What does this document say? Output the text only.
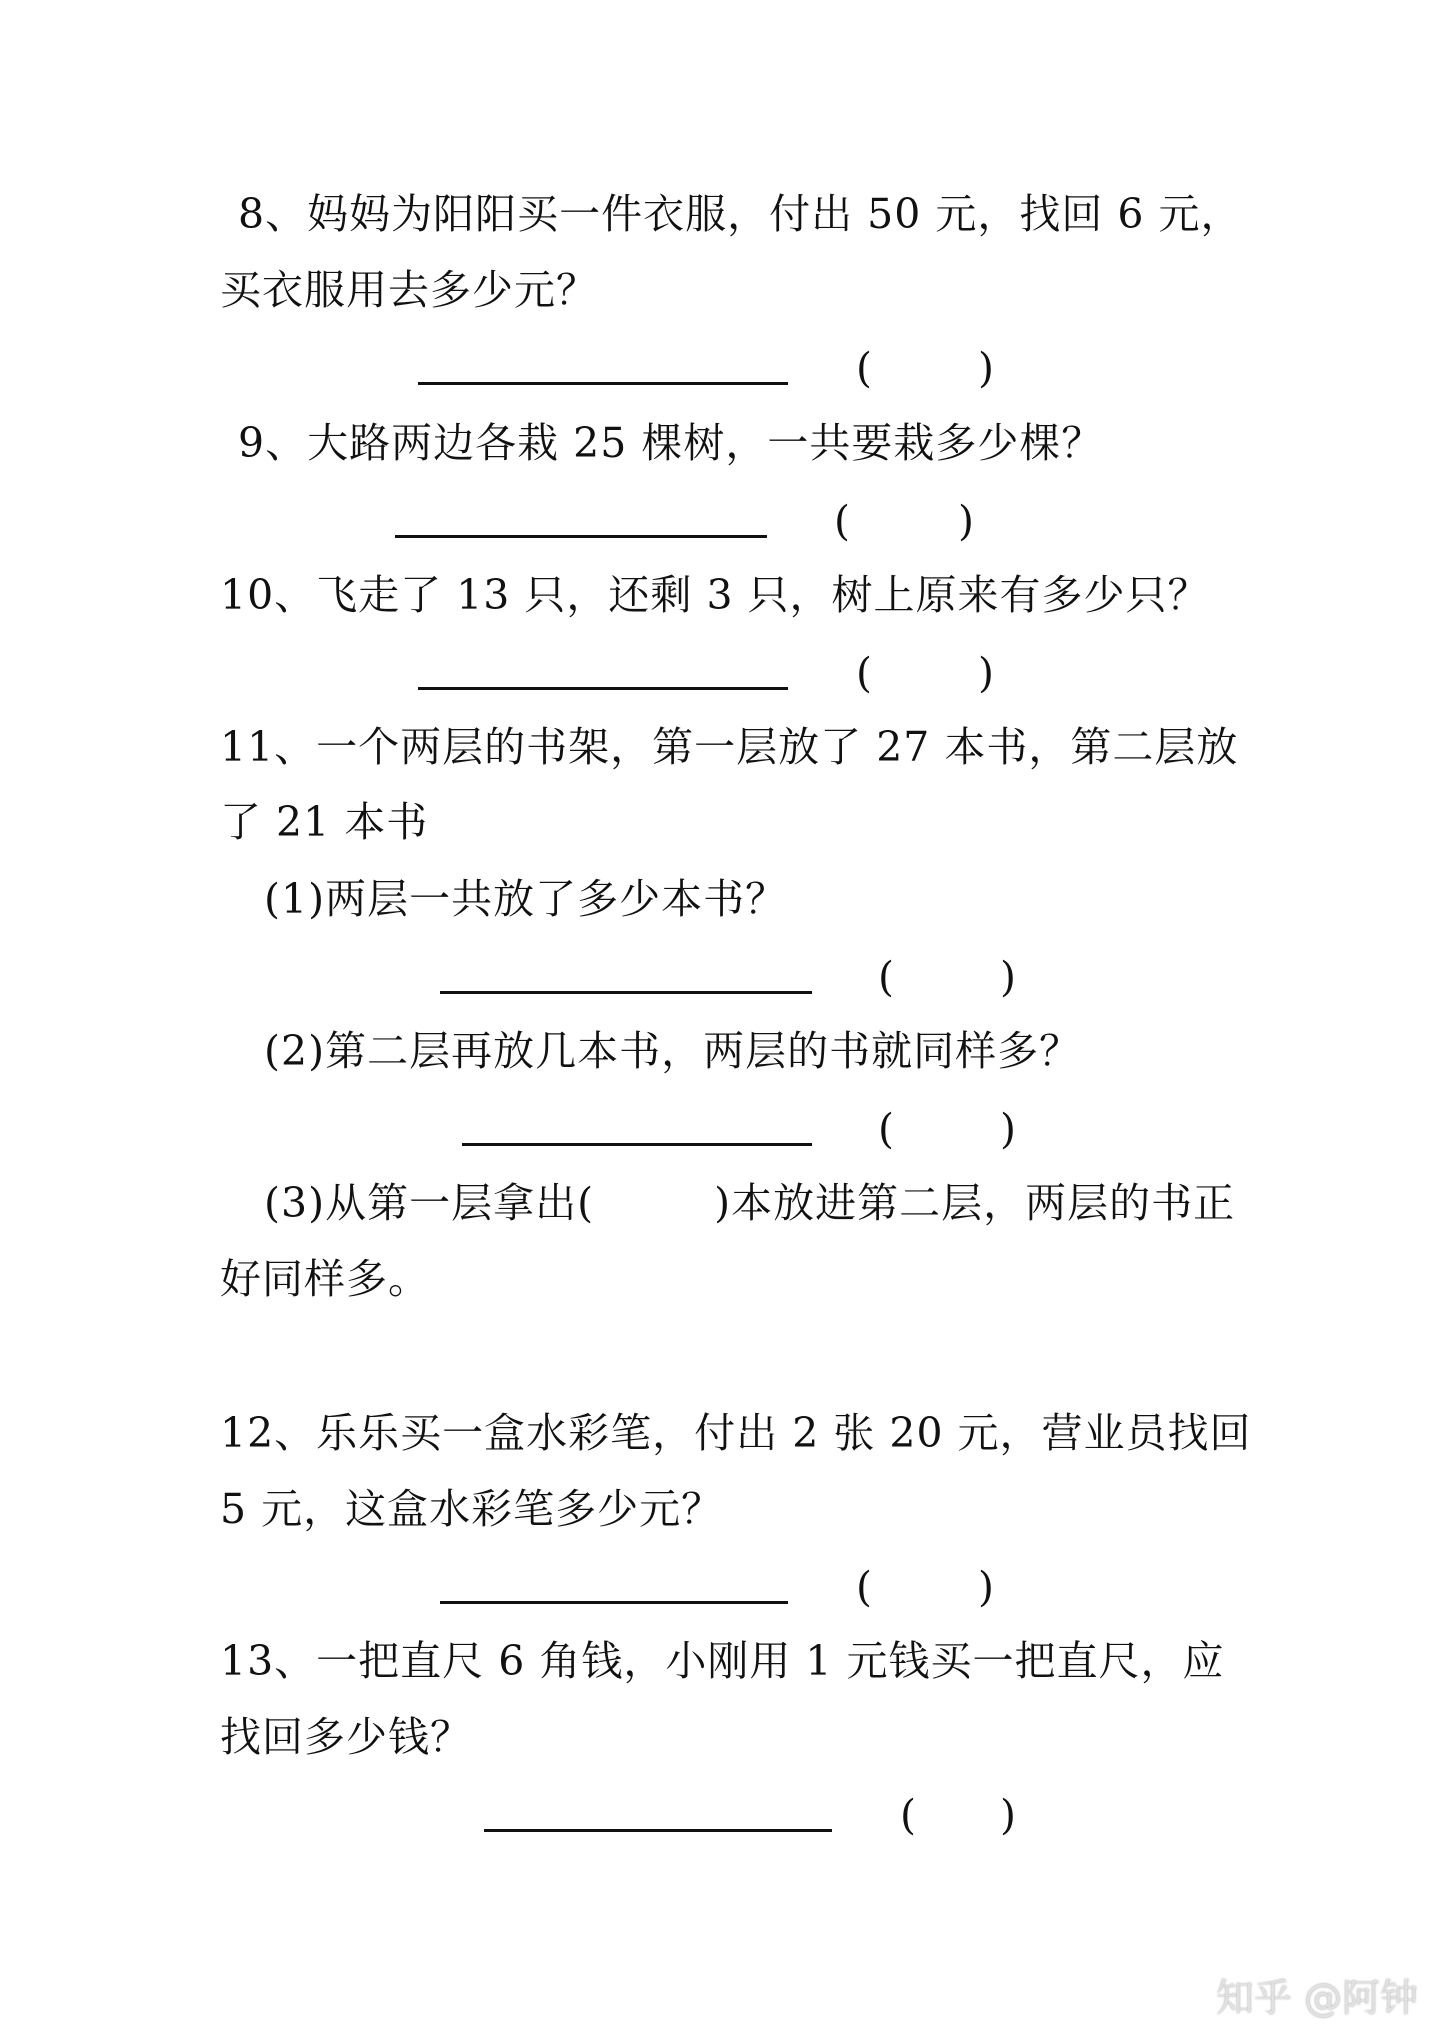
8、妈妈为阳阳买一件衣服，付出 50 元，找回 6 元，
买衣服用去多少元？
(	)
9、大路两边各栽 25 棵树，一共要栽多少棵？
(	)
10、飞走了 13 只，还剩 3 只，树上原来有多少只？
(	)
11、一个两层的书架，第一层放了 27 本书，第二层放
了 21 本书
(1)两层一共放了多少本书？
(	)
(2)第二层再放几本书，两层的书就同样多？
(	)
(3)从第一层拿出(	)本放进第二层，两层的书正
好同样多。
12、乐乐买一盒水彩笔，付出 2 张 20 元，营业员找回
5 元，这盒水彩笔多少元？
(	)
13、一把直尺 6 角钱，小刚用 1 元钱买一把直尺，应
找回多少钱？
( )
知乎 @阿钟
